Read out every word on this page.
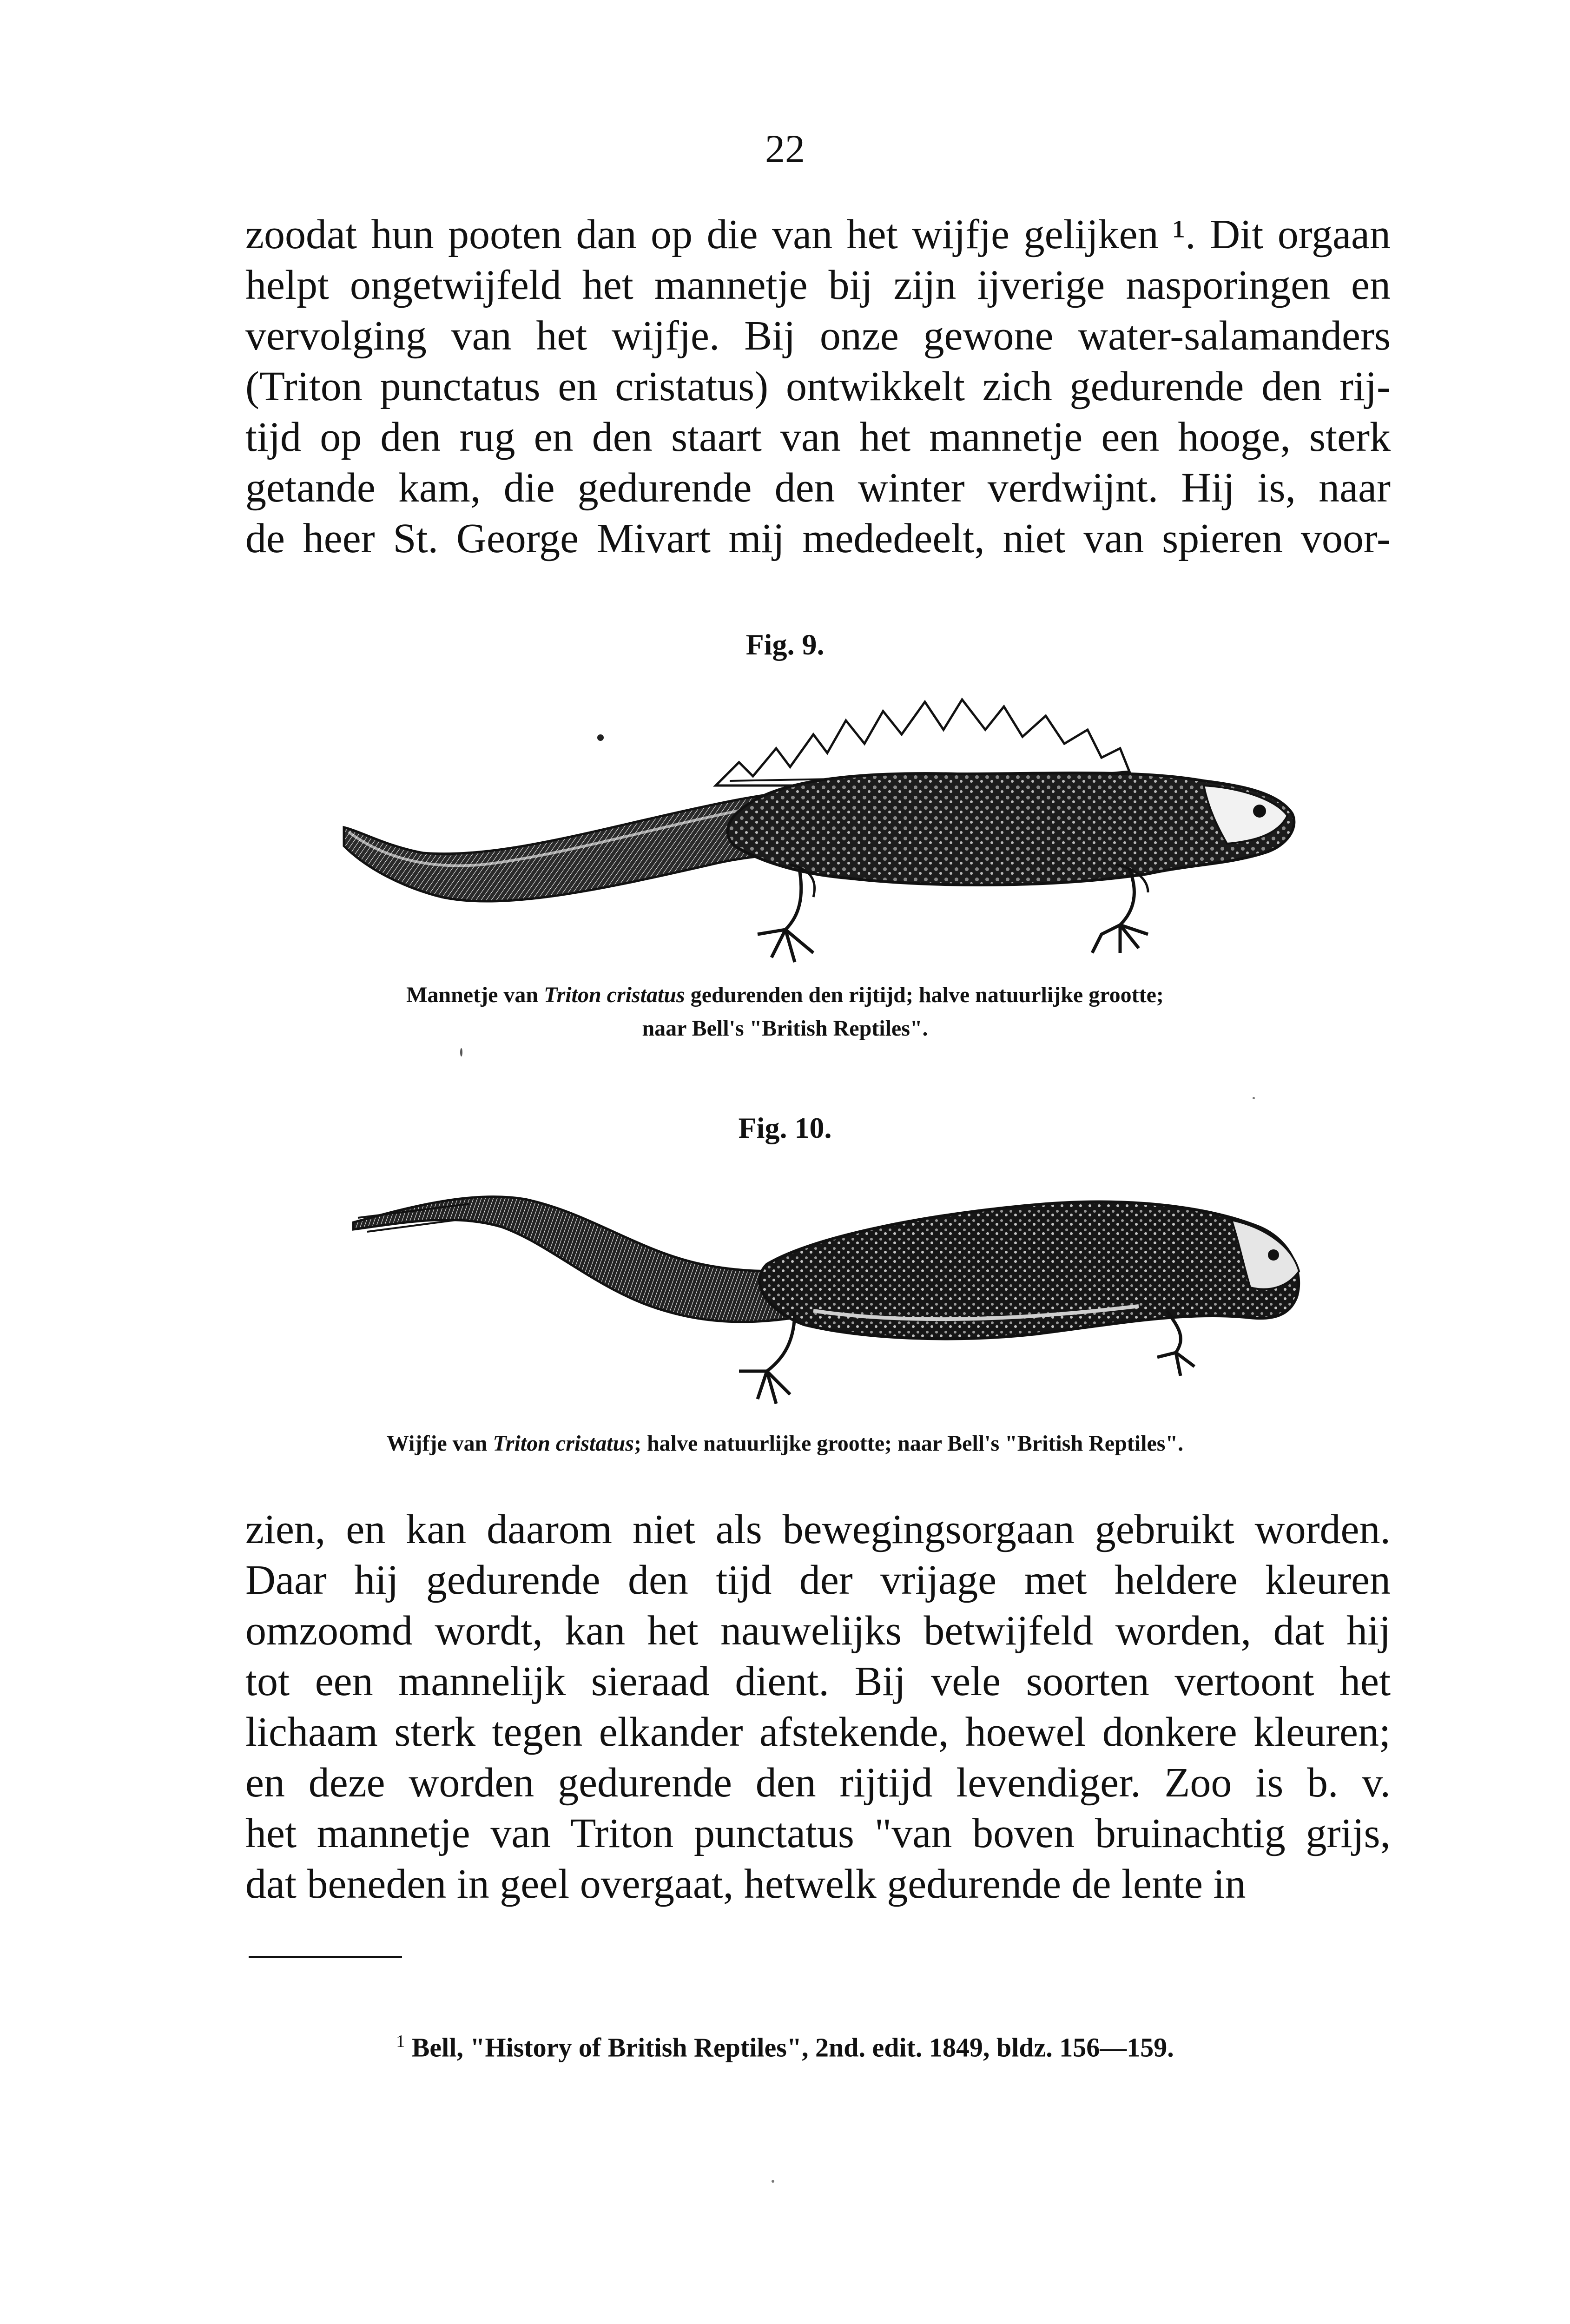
22
zoodat hun pooten dan op die van het wijfje gelijken ¹. Dit orgaan
helpt ongetwijfeld het mannetje bij zijn ijverige nasporingen en
vervolging van het wijfje. Bij onze gewone water-salamanders
(Triton punctatus en cristatus) ontwikkelt zich gedurende den rij-
tijd op den rug en den staart van het mannetje een hooge, sterk
getande kam, die gedurende den winter verdwijnt. Hij is, naar
de heer St. George Mivart mij mededeelt, niet van spieren voor-
Fig. 9.
Mannetje van Triton cristatus gedurenden den rijtijd; halve natuurlijke grootte;
naar Bell's "British Reptiles".
Fig. 10.
Wijfje van Triton cristatus; halve natuurlijke grootte; naar Bell's "British Reptiles".
zien, en kan daarom niet als bewegingsorgaan gebruikt worden.
Daar hij gedurende den tijd der vrijage met heldere kleuren
omzoomd wordt, kan het nauwelijks betwijfeld worden, dat hij
tot een mannelijk sieraad dient. Bij vele soorten vertoont het
lichaam sterk tegen elkander afstekende, hoewel donkere kleuren;
en deze worden gedurende den rijtijd levendiger. Zoo is b. v.
het mannetje van Triton punctatus "van boven bruinachtig grijs,
dat beneden in geel overgaat, hetwelk gedurende de lente in
$^1$ Bell, "History of British Reptiles", 2nd. edit. 1849, bldz. 156—159.
